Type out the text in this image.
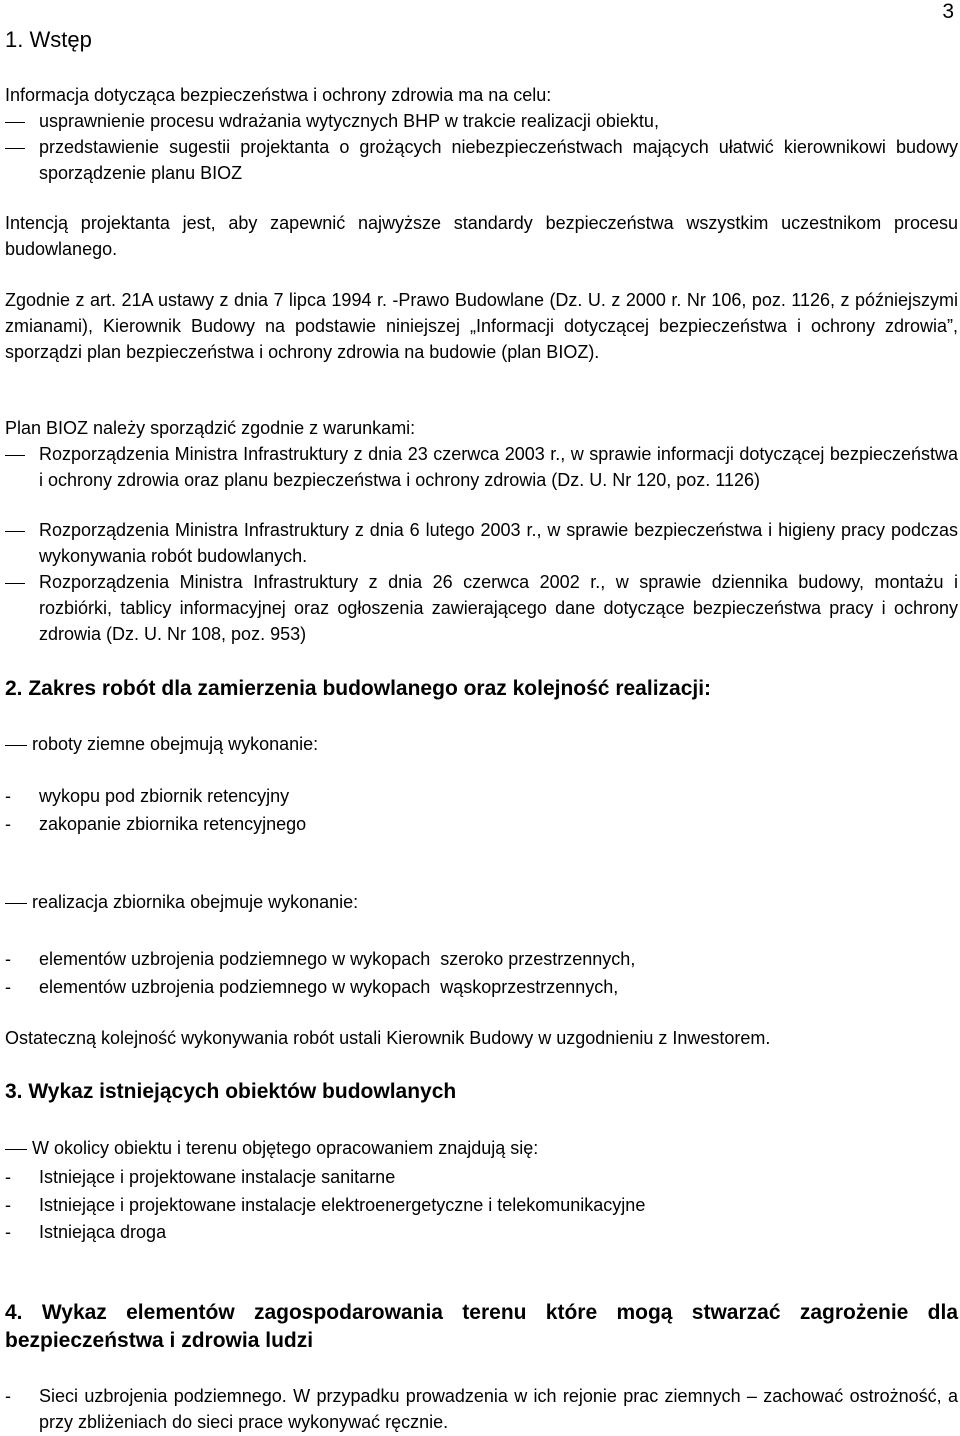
3
1. Wstęp
Informacja dotycząca bezpieczeństwa i ochrony zdrowia ma na celu:
usprawnienie procesu wdrażania wytycznych BHP w trakcie realizacji obiektu,
przedstawienie sugestii projektanta o grożących niebezpieczeństwach mających ułatwić kierownikowi budowy sporządzenie planu BIOZ
Intencją projektanta jest, aby zapewnić najwyższe standardy bezpieczeństwa wszystkim uczestnikom procesu budowlanego.
Zgodnie z art. 21A ustawy z dnia 7 lipca 1994 r. -Prawo Budowlane (Dz. U. z 2000 r. Nr 106, poz. 1126, z późniejszymi zmianami), Kierownik Budowy na podstawie niniejszej „Informacji dotyczącej bezpieczeństwa i ochrony zdrowia”, sporządzi plan bezpieczeństwa i ochrony zdrowia na budowie (plan BIOZ).
Plan BIOZ należy sporządzić zgodnie z warunkami:
Rozporządzenia Ministra Infrastruktury z dnia 23 czerwca 2003 r., w sprawie informacji dotyczącej bezpieczeństwa i ochrony zdrowia oraz planu bezpieczeństwa i ochrony zdrowia (Dz. U. Nr 120, poz. 1126)
Rozporządzenia Ministra Infrastruktury z dnia 6 lutego 2003 r., w sprawie bezpieczeństwa i higieny pracy podczas wykonywania robót budowlanych.
Rozporządzenia Ministra Infrastruktury z dnia 26 czerwca 2002 r., w sprawie dziennika budowy, montażu i rozbiórki, tablicy informacyjnej oraz ogłoszenia zawierającego dane dotyczące bezpieczeństwa pracy i ochrony zdrowia (Dz. U. Nr 108, poz. 953)
2. Zakres robót dla zamierzenia budowlanego oraz kolejność realizacji:
roboty ziemne obejmują wykonanie:
-	wykopu pod zbiornik retencyjny
-	zakopanie zbiornika retencyjnego
realizacja zbiornika obejmuje wykonanie:
-	elementów uzbrojenia podziemnego w wykopach szeroko przestrzennych,
-	elementów uzbrojenia podziemnego w wykopach wąskoprzestrzennych,
Ostateczną kolejność wykonywania robót ustali Kierownik Budowy w uzgodnieniu z Inwestorem.
3. Wykaz istniejących obiektów budowlanych
W okolicy obiektu i terenu objętego opracowaniem znajdują się:
-	Istniejące i projektowane instalacje sanitarne
-	Istniejące i projektowane instalacje elektroenergetyczne i telekomunikacyjne
-	Istniejąca droga
4. Wykaz elementów zagospodarowania terenu które mogą stwarzać zagrożenie dla bezpieczeństwa i zdrowia ludzi
-	Sieci uzbrojenia podziemnego. W przypadku prowadzenia w ich rejonie prac ziemnych – zachować ostrożność, a przy zbliżeniach do sieci prace wykonywać ręcznie.
